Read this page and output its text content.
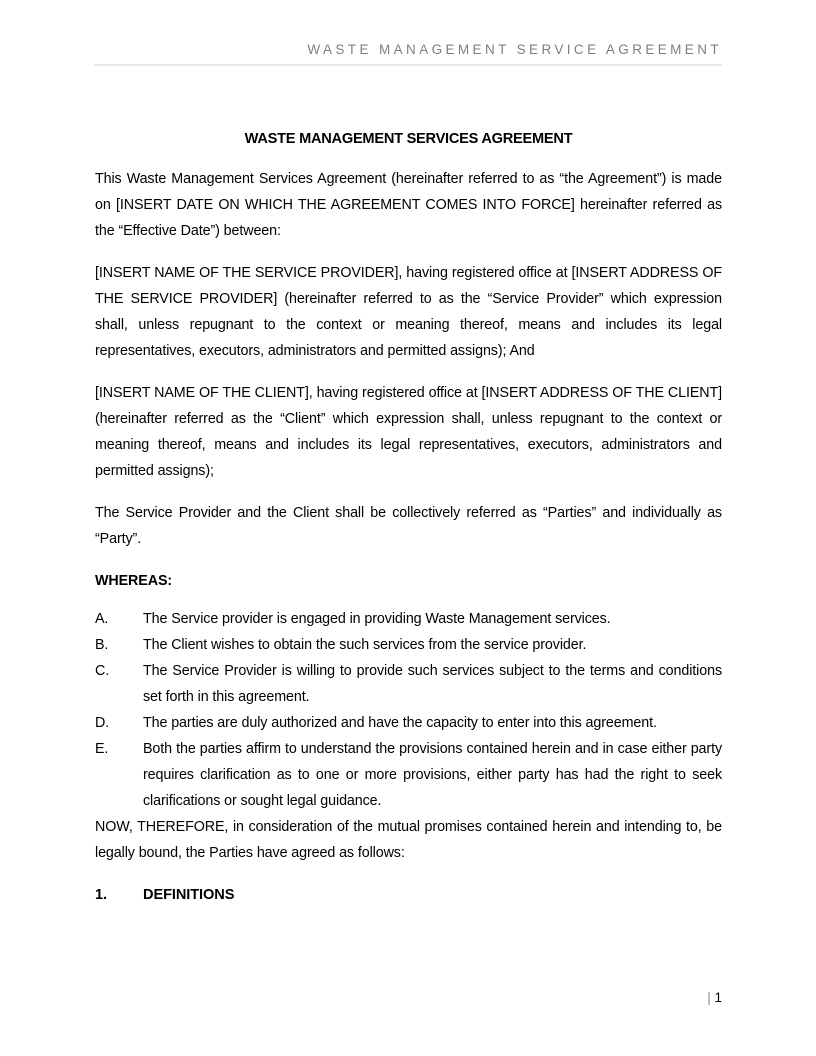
WASTE MANAGEMENT SERVICE AGREEMENT
WASTE MANAGEMENT SERVICES AGREEMENT

This Waste Management Services Agreement (hereinafter referred to as “the Agreement”) is made on [INSERT DATE ON WHICH THE AGREEMENT COMES INTO FORCE] hereinafter referred as the “Effective Date”) between:

[INSERT NAME OF THE SERVICE PROVIDER], having registered office at [INSERT ADDRESS OF THE SERVICE PROVIDER] (hereinafter referred to as the “Service Provider” which expression shall, unless repugnant to the context or meaning thereof, means and includes its legal representatives, executors, administrators and permitted assigns); And

[INSERT NAME OF THE CLIENT], having registered office at [INSERT ADDRESS OF THE CLIENT] (hereinafter referred as the “Client” which expression shall, unless repugnant to the context or meaning thereof, means and includes its legal representatives, executors, administrators and permitted assigns);

The Service Provider and the Client shall be collectively referred as “Parties” and individually as “Party”.

WHEREAS:
A.	The Service provider is engaged in providing Waste Management services.
B.	The Client wishes to obtain the such services from the service provider.
C.	The Service Provider is willing to provide such services subject to the terms and conditions set forth in this agreement.
D.	The parties are duly authorized and have the capacity to enter into this agreement.
E.	Both the parties affirm to understand the provisions contained herein and in case either party requires clarification as to one or more provisions, either party has had the right to seek clarifications or sought legal guidance.

NOW, THEREFORE, in consideration of the mutual promises contained herein and intending to, be legally bound, the Parties have agreed as follows:

1. DEFINITIONS
| 1
